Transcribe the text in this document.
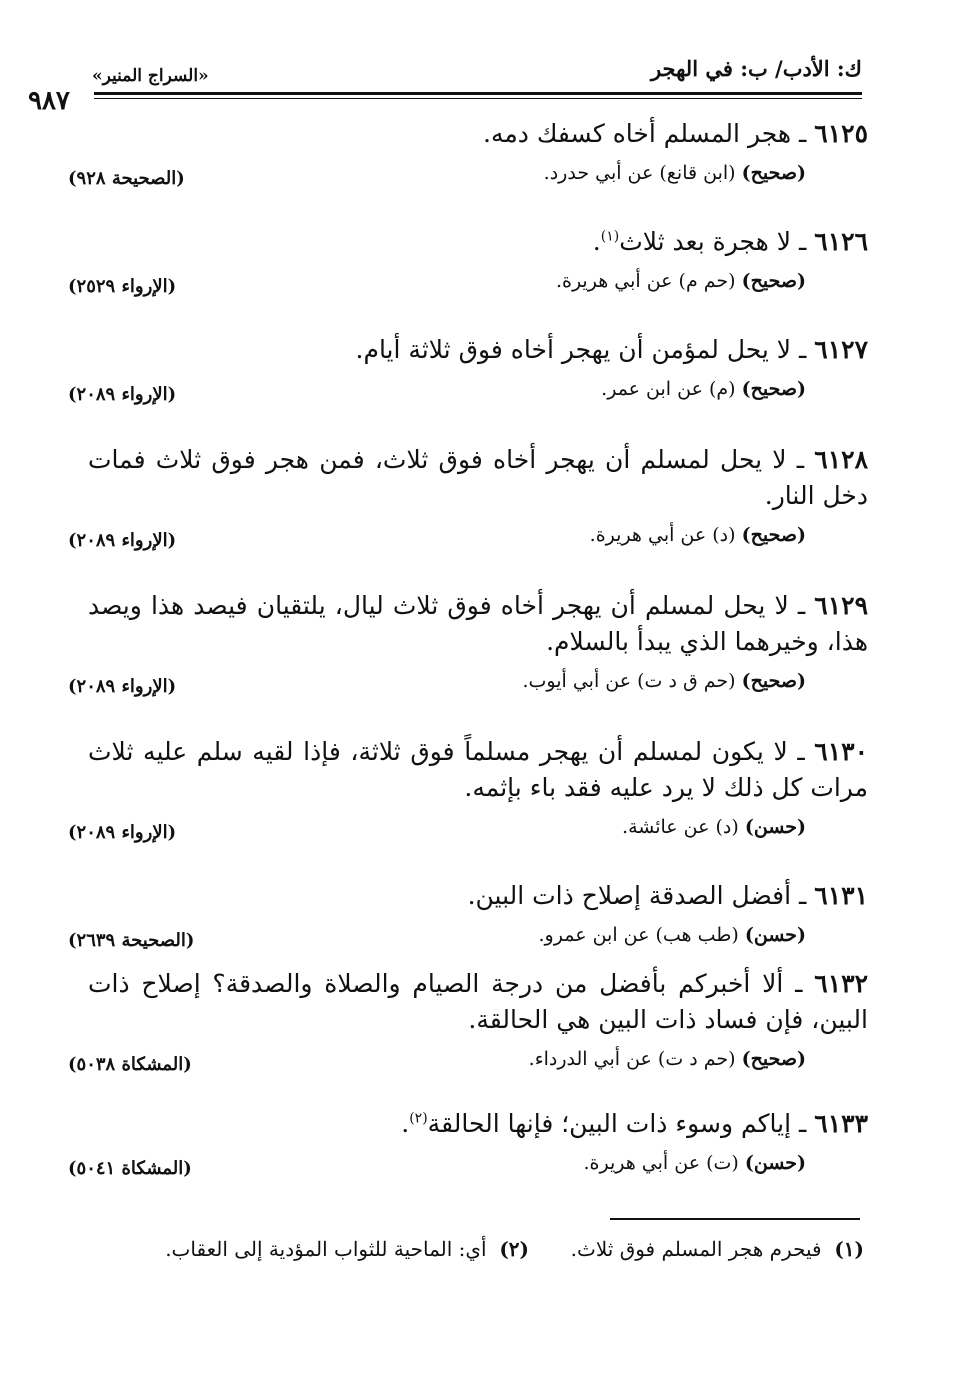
ك: الأدب/ ب: في الهجر
«السراج المنير»
٩٨٧
٦١٢٥ ـ هجر المسلم أخاه كسفك دمه.
(صحيح) (ابن قانع) عن أبي حدرد.
(الصحيحة ٩٢٨)
٦١٢٦ ـ لا هجرة بعد ثلاث$^{(١)}$.
(صحيح) (حم م) عن أبي هريرة.
(الإرواء ٢٥٢٩)
٦١٢٧ ـ لا يحل لمؤمن أن يهجر أخاه فوق ثلاثة أيام.
(صحيح) (م) عن ابن عمر.
(الإرواء ٢٠٨٩)
٦١٢٨ ـ لا يحل لمسلم أن يهجر أخاه فوق ثلاث، فمن هجر فوق ثلاث فمات دخل النار.
(صحيح) (د) عن أبي هريرة.
(الإرواء ٢٠٨٩)
٦١٢٩ ـ لا يحل لمسلم أن يهجر أخاه فوق ثلاث ليال، يلتقيان فيصد هذا ويصد هذا، وخيرهما الذي يبدأ بالسلام.
(صحيح) (حم ق د ت) عن أبي أيوب.
(الإرواء ٢٠٨٩)
٦١٣٠ ـ لا يكون لمسلم أن يهجر مسلماً فوق ثلاثة، فإذا لقيه سلم عليه ثلاث مرات كل ذلك لا يرد عليه فقد باء بإثمه.
(حسن) (د) عن عائشة.
(الإرواء ٢٠٨٩)
٦١٣١ ـ أفضل الصدقة إصلاح ذات البين.
(حسن) (طب هب) عن ابن عمرو.
(الصحيحة ٢٦٣٩)
٦١٣٢ ـ ألا أخبركم بأفضل من درجة الصيام والصلاة والصدقة؟ إصلاح ذات البين، فإن فساد ذات البين هي الحالقة.
(صحيح) (حم د ت) عن أبي الدرداء.
(المشكاة ٥٠٣٨)
٦١٣٣ ـ إياكم وسوء ذات البين؛ فإنها الحالقة$^{(٢)}$.
(حسن) (ت) عن أبي هريرة.
(المشكاة ٥٠٤١)
(١)  فيحرم هجر المسلم فوق ثلاث.
(٢)  أي: الماحية للثواب المؤدية إلى العقاب.
